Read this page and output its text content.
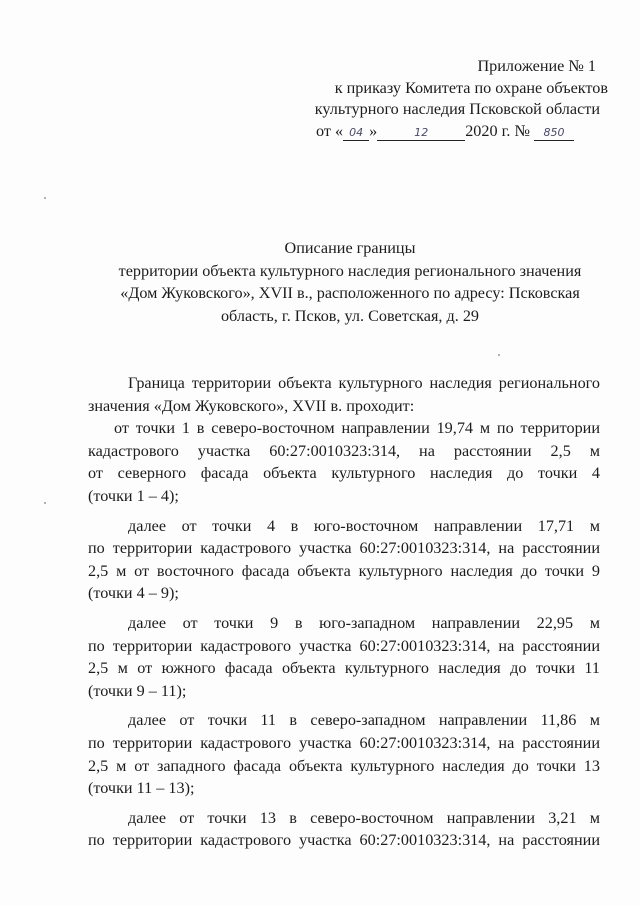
Приложение № 1
к приказу Комитета по охране объектов
культурного наследия Псковской области
от « 04 »	12 2020 г. № 850
Описание границы
территории объекта культурного наследия регионального значения
«Дом Жуковского», XVII в., расположенного по адресу: Псковская
область, г. Псков, ул. Советская, д. 29
Граница территории объекта культурного наследия регионального
значения «Дом Жуковского», XVII в. проходит:
от точки 1 в северо-восточном направлении 19,74 м по территории
кадастрового участка 60:27:0010323:314, на расстоянии 2,5 м
от северного фасада объекта культурного наследия до точки 4
(точки 1 – 4);
далее от точки 4 в юго-восточном направлении 17,71 м
по территории кадастрового участка 60:27:0010323:314, на расстоянии
2,5 м от восточного фасада объекта культурного наследия до точки 9
(точки 4 – 9);
далее от точки 9 в юго-западном направлении 22,95 м
по территории кадастрового участка 60:27:0010323:314, на расстоянии
2,5 м от южного фасада объекта культурного наследия до точки 11
(точки 9 – 11);
далее от точки 11 в северо-западном направлении 11,86 м
по территории кадастрового участка 60:27:0010323:314, на расстоянии
2,5 м от западного фасада объекта культурного наследия до точки 13
(точки 11 – 13);
далее от точки 13 в северо-восточном направлении 3,21 м
по территории кадастрового участка 60:27:0010323:314, на расстоянии
